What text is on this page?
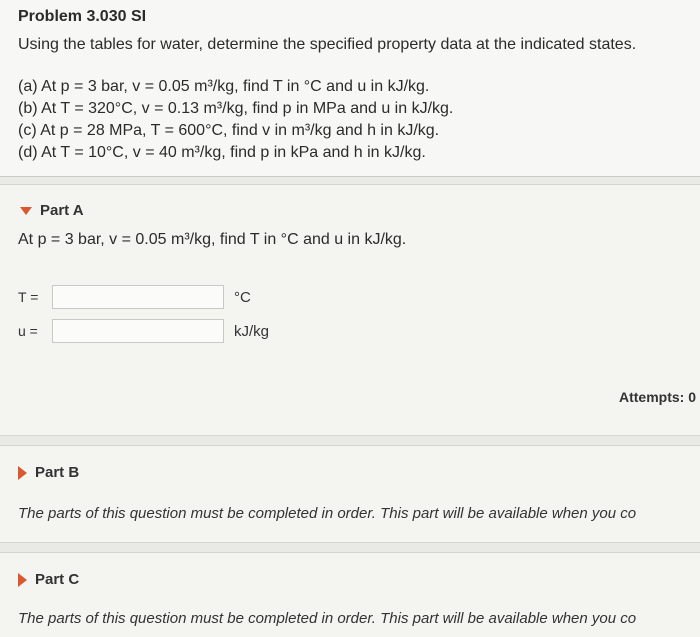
Problem 3.030 SI
Using the tables for water, determine the specified property data at the indicated states.
(a) At p = 3 bar, v = 0.05 m³/kg, find T in °C and u in kJ/kg.
(b) At T = 320°C, v = 0.13 m³/kg, find p in MPa and u in kJ/kg.
(c) At p = 28 MPa, T = 600°C, find v in m³/kg and h in kJ/kg.
(d) At T = 10°C, v = 40 m³/kg, find p in kPa and h in kJ/kg.
Part A
At p = 3 bar, v = 0.05 m³/kg, find T in °C and u in kJ/kg.
T =	°C
u =	kJ/kg
Attempts: 0
Part B
The parts of this question must be completed in order. This part will be available when you co
Part C
The parts of this question must be completed in order. This part will be available when you co
